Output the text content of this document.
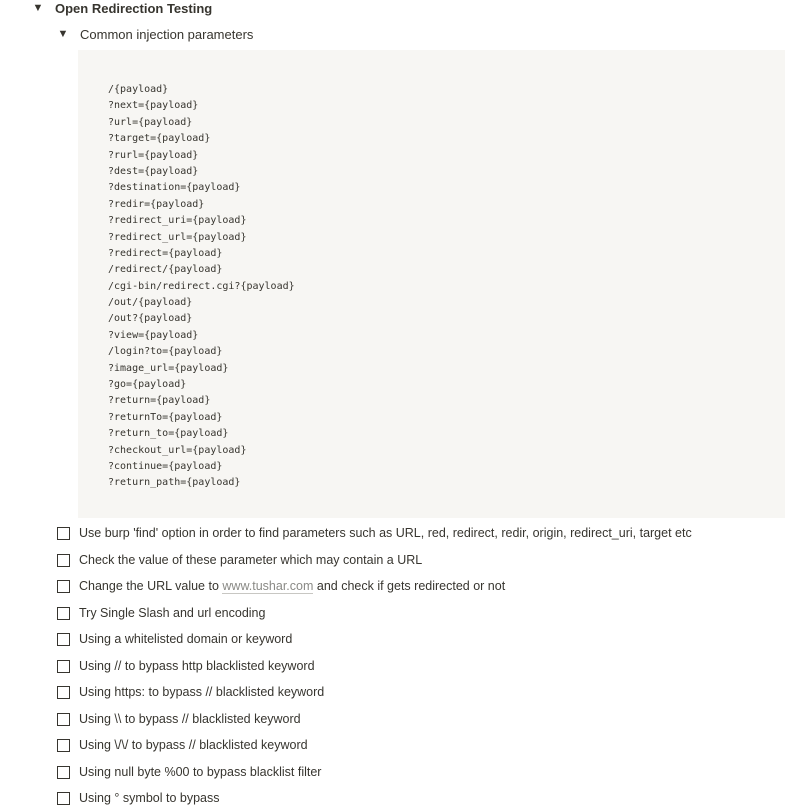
▼ Open Redirection Testing
▼ Common injection parameters
/{payload}
?next={payload}
?url={payload}
?target={payload}
?rurl={payload}
?dest={payload}
?destination={payload}
?redir={payload}
?redirect_uri={payload}
?redirect_url={payload}
?redirect={payload}
/redirect/{payload}
/cgi-bin/redirect.cgi?{payload}
/out/{payload}
/out?{payload}
?view={payload}
/login?to={payload}
?image_url={payload}
?go={payload}
?return={payload}
?returnTo={payload}
?return_to={payload}
?checkout_url={payload}
?continue={payload}
?return_path={payload}
Use burp 'find' option in order to find parameters such as URL, red, redirect, redir, origin, redirect_uri, target etc
Check the value of these parameter which may contain a URL
Change the URL value to www.tushar.com and check if gets redirected or not
Try Single Slash and url encoding
Using a whitelisted domain or keyword
Using // to bypass http blacklisted keyword
Using https: to bypass // blacklisted keyword
Using \\ to bypass // blacklisted keyword
Using \/\/ to bypass // blacklisted keyword
Using null byte %00 to bypass blacklist filter
Using ° symbol to bypass
